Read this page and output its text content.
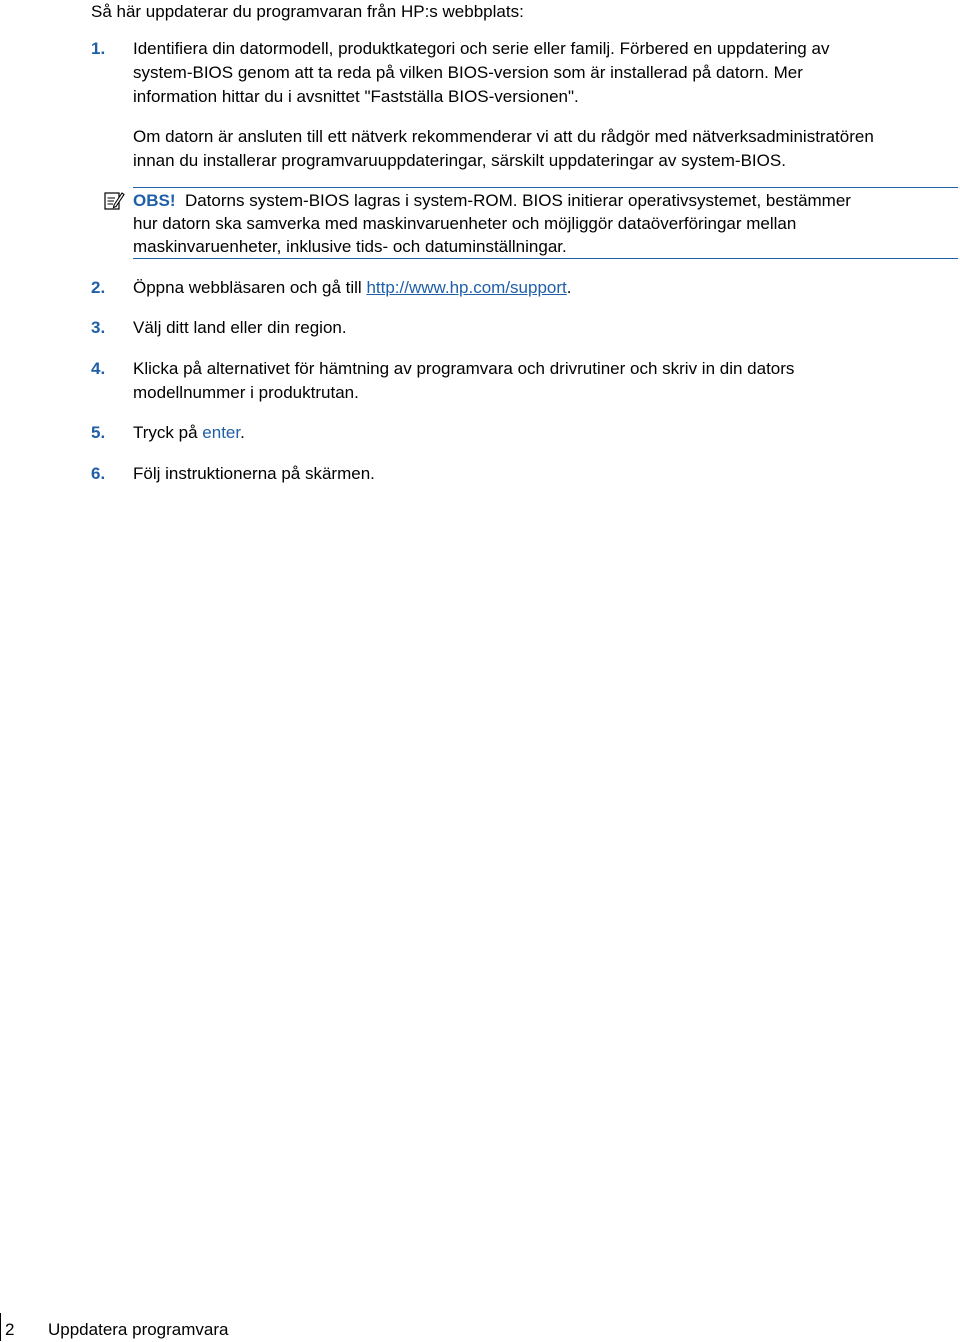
Så här uppdaterar du programvaran från HP:s webbplats:
1. Identifiera din datormodell, produktkategori och serie eller familj. Förbered en uppdatering av
system-BIOS genom att ta reda på vilken BIOS-version som är installerad på datorn. Mer
information hittar du i avsnittet "Fastställa BIOS-versionen".
Om datorn är ansluten till ett nätverk rekommenderar vi att du rådgör med nätverksadministratören
innan du installerar programvaruuppdateringar, särskilt uppdateringar av system-BIOS.
OBS! Datorns system-BIOS lagras i system-ROM. BIOS initierar operativsystemet, bestämmer
hur datorn ska samverka med maskinvaruenheter och möjliggör dataöverföringar mellan
maskinvaruenheter, inklusive tids- och datuminställningar.
2. Öppna webbläsaren och gå till http://www.hp.com/support.
3. Välj ditt land eller din region.
4. Klicka på alternativet för hämtning av programvara och drivrutiner och skriv in din dators
modellnummer i produktrutan.
5. Tryck på enter.
6. Följ instruktionerna på skärmen.
2 Uppdatera programvara
